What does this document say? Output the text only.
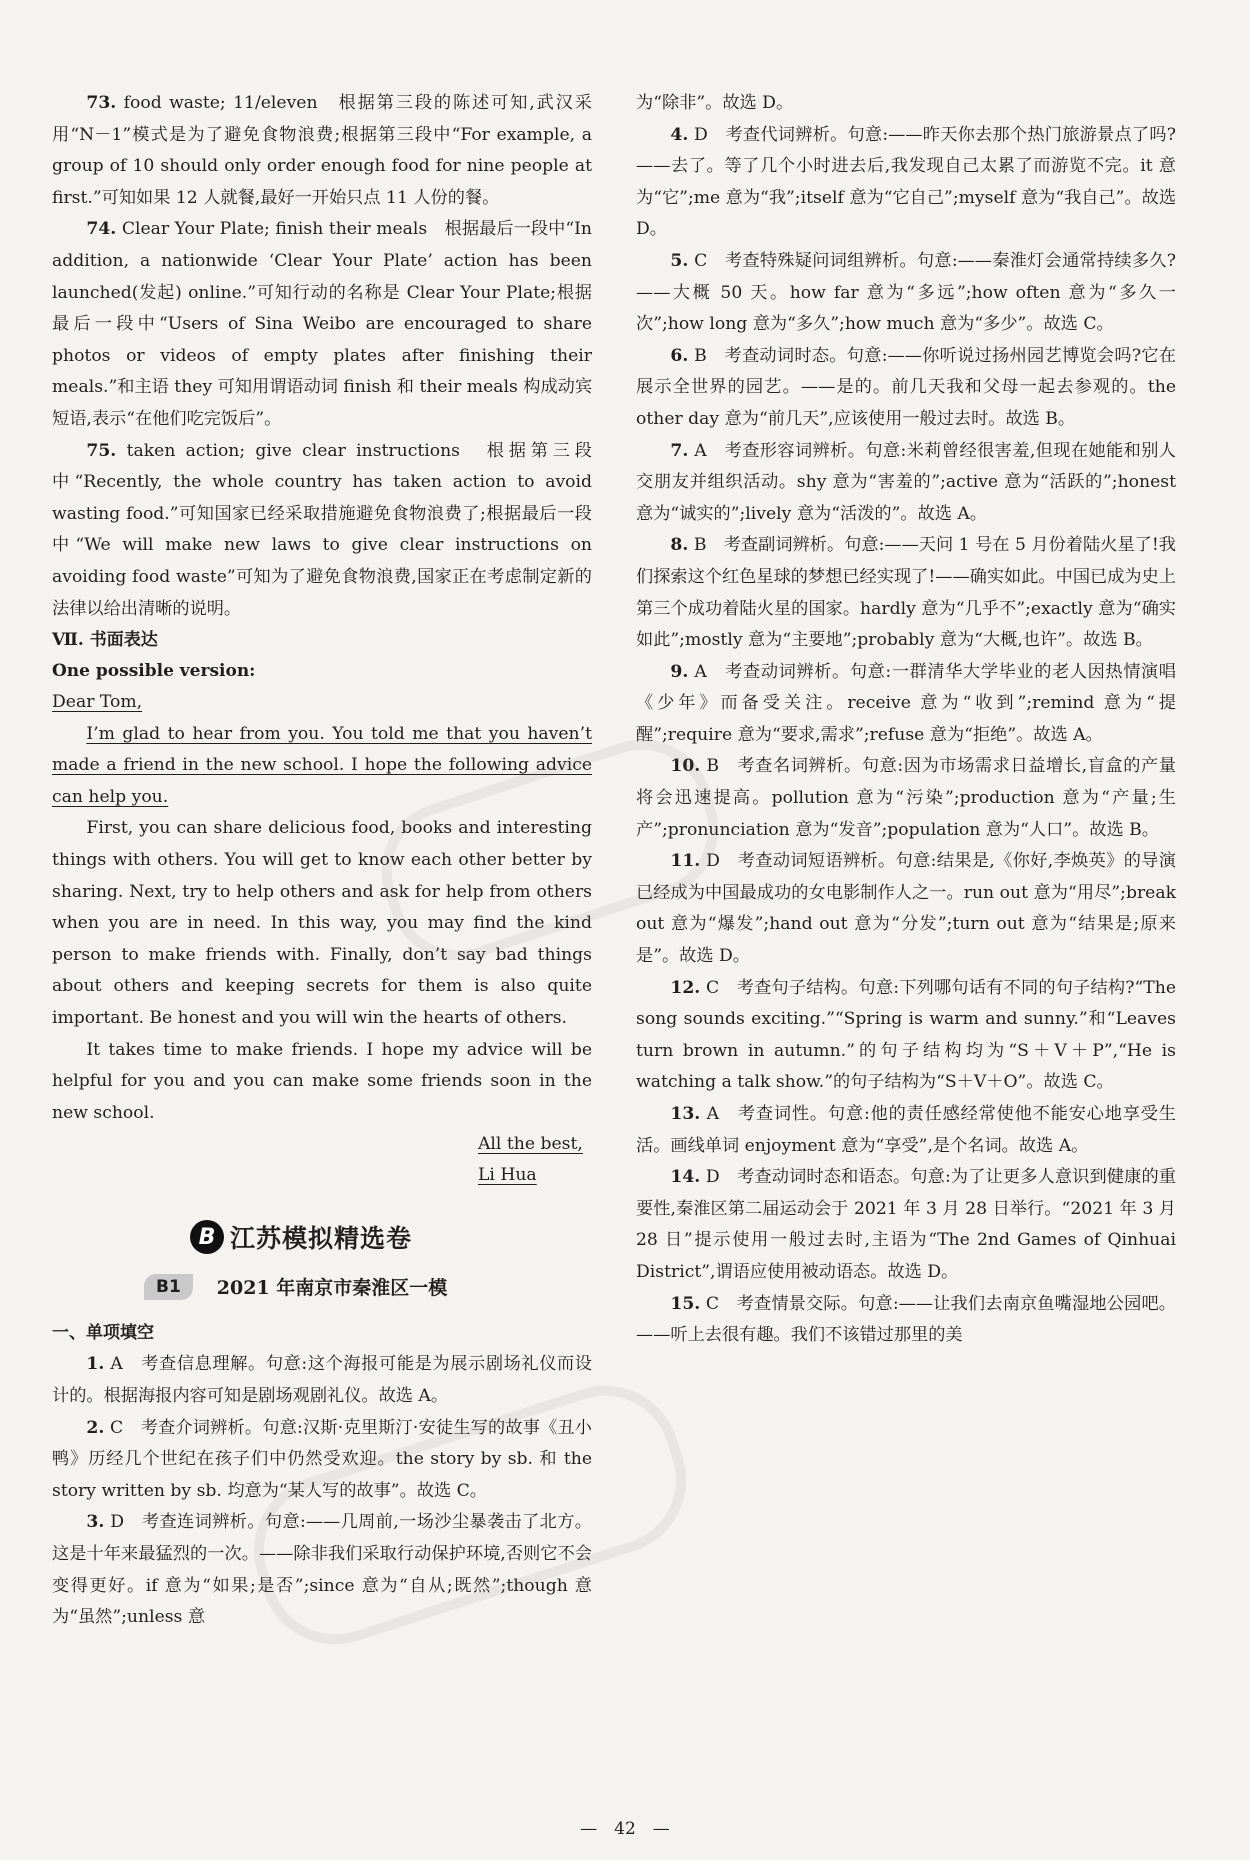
73. food waste; 11/eleven　根据第三段的陈述可知,武汉采用“N－1”模式是为了避免食物浪费;根据第三段中“For example, a group of 10 should only order enough food for nine people at first.”可知如果 12 人就餐,最好一开始只点 11 人份的餐。

74. Clear Your Plate; finish their meals　根据最后一段中“In addition, a nationwide ‘Clear Your Plate’ action has been launched(发起) online.”可知行动的名称是 Clear Your Plate;根据最后一段中“Users of Sina Weibo are encouraged to share photos or videos of empty plates after finishing their meals.”和主语 they 可知用谓语动词 finish 和 their meals 构成动宾短语,表示“在他们吃完饭后”。

75. taken action; give clear instructions　根据第三段中“Recently, the whole country has taken action to avoid wasting food.”可知国家已经采取措施避免食物浪费了;根据最后一段中“We will make new laws to give clear instructions on avoiding food waste”可知为了避免食物浪费,国家正在考虑制定新的法律以给出清晰的说明。

Ⅶ. 书面表达
One possible version:

Dear Tom,

I’m glad to hear from you. You told me that you haven’t made a friend in the new school. I hope the following advice can help you.

First, you can share delicious food, books and interesting things with others. You will get to know each other better by sharing. Next, try to help others and ask for help from others when you are in need. In this way, you may find the kind person to make friends with. Finally, don’t say bad things about others and keeping secrets for them is also quite important. Be honest and you will win the hearts of others.

It takes time to make friends. I hope my advice will be helpful for you and you can make some friends soon in the new school.

All the best,
Li Hua
B 江苏模拟精选卷
B1	2021 年南京市秦淮区一模
一、单项填空

1. A　考查信息理解。句意:这个海报可能是为展示剧场礼仪而设计的。根据海报内容可知是剧场观剧礼仪。故选 A。

2. C　考查介词辨析。句意:汉斯·克里斯汀·安徒生写的故事《丑小鸭》历经几个世纪在孩子们中仍然受欢迎。the story by sb. 和 the story written by sb. 均意为“某人写的故事”。故选 C。

3. D　考查连词辨析。句意:——几周前,一场沙尘暴袭击了北方。这是十年来最猛烈的一次。——除非我们采取行动保护环境,否则它不会变得更好。if 意为“如果;是否”;since 意为“自从;既然”;though 意为“虽然”;unless 意

为“除非”。故选 D。

4. D　考查代词辨析。句意:——昨天你去那个热门旅游景点了吗?——去了。等了几个小时进去后,我发现自己太累了而游览不完。it 意为“它”;me 意为“我”;itself 意为“它自己”;myself 意为“我自己”。故选 D。

5. C　考查特殊疑问词组辨析。句意:——秦淮灯会通常持续多久?——大概 50 天。how far 意为“多远”;how often 意为“多久一次”;how long 意为“多久”;how much 意为“多少”。故选 C。

6. B　考查动词时态。句意:——你听说过扬州园艺博览会吗?它在展示全世界的园艺。——是的。前几天我和父母一起去参观的。the other day 意为“前几天”,应该使用一般过去时。故选 B。

7. A　考查形容词辨析。句意:米莉曾经很害羞,但现在她能和别人交朋友并组织活动。shy 意为“害羞的”;active 意为“活跃的”;honest 意为“诚实的”;lively 意为“活泼的”。故选 A。

8. B　考查副词辨析。句意:——天问 1 号在 5 月份着陆火星了!我们探索这个红色星球的梦想已经实现了!——确实如此。中国已成为史上第三个成功着陆火星的国家。hardly 意为“几乎不”;exactly 意为“确实如此”;mostly 意为“主要地”;probably 意为“大概,也许”。故选 B。

9. A　考查动词辨析。句意:一群清华大学毕业的老人因热情演唱《少年》而备受关注。receive 意为“收到”;remind 意为“提醒”;require 意为“要求,需求”;refuse 意为“拒绝”。故选 A。

10. B　考查名词辨析。句意:因为市场需求日益增长,盲盒的产量将会迅速提高。pollution 意为“污染”;production 意为“产量;生产”;pronunciation 意为“发音”;population 意为“人口”。故选 B。

11. D　考查动词短语辨析。句意:结果是,《你好,李焕英》的导演已经成为中国最成功的女电影制作人之一。run out 意为“用尽”;break out 意为“爆发”;hand out 意为“分发”;turn out 意为“结果是;原来是”。故选 D。

12. C　考查句子结构。句意:下列哪句话有不同的句子结构?“The song sounds exciting.”“Spring is warm and sunny.”和“Leaves turn brown in autumn.”的句子结构均为“S＋V＋P”,“He is watching a talk show.”的句子结构为“S＋V＋O”。故选 C。

13. A　考查词性。句意:他的责任感经常使他不能安心地享受生活。画线单词 enjoyment 意为“享受”,是个名词。故选 A。

14. D　考查动词时态和语态。句意:为了让更多人意识到健康的重要性,秦淮区第二届运动会于 2021 年 3 月 28 日举行。“2021 年 3 月 28 日”提示使用一般过去时,主语为“The 2nd Games of Qinhuai District”,谓语应使用被动语态。故选 D。

15. C　考查情景交际。句意:——让我们去南京鱼嘴湿地公园吧。——听上去很有趣。我们不该错过那里的美

—　42　—
